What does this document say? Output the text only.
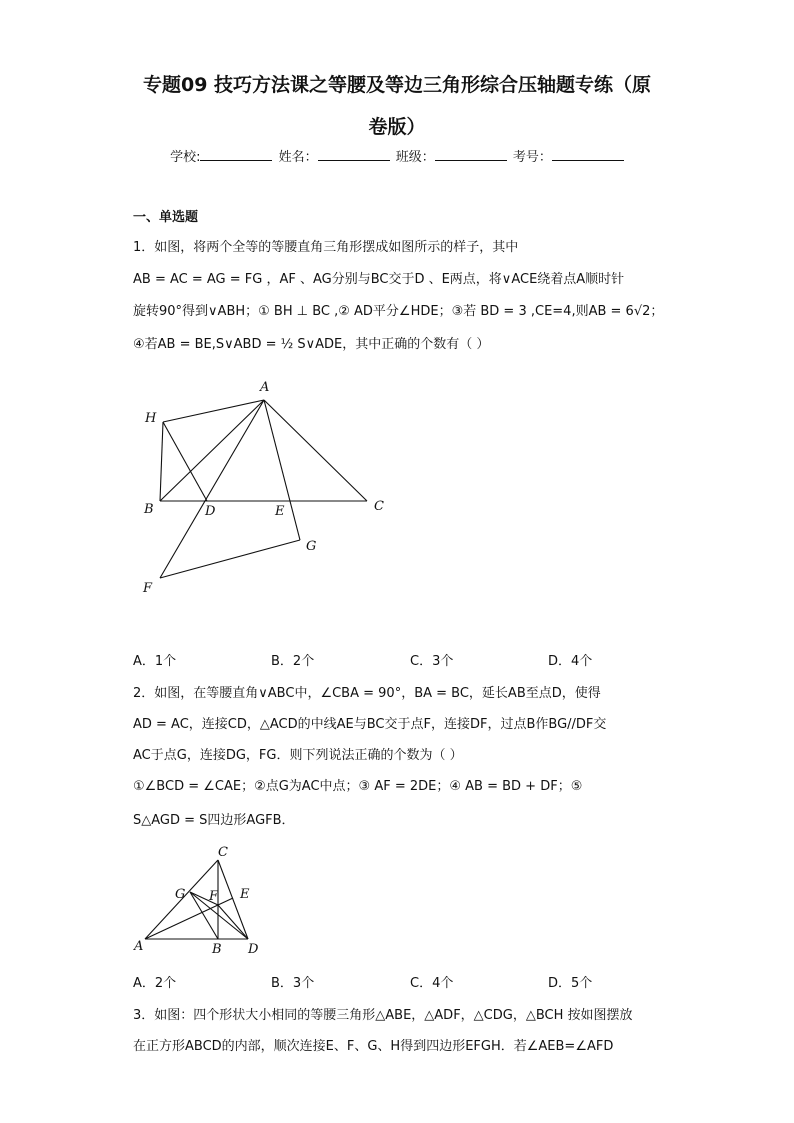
专题09 技巧方法课之等腰及等边三角形综合压轴题专练（原
卷版）
学校:	姓名：	班级：	考号：
一、单选题
1．如图，将两个全等的等腰直角三角形摆成如图所示的样子，其中
AB = AC = AG = FG ，AF 、AG分别与BC交于D 、E两点，将∨ACE绕着点A顺时针
旋转90°得到∨ABH；① BH ⊥ BC ,② AD平分∠HDE；③若 BD = 3 ,CE=4,则AB = 6√2；
④若AB = BE,S∨ABD = ½ S∨ADE，其中正确的个数有（ ）
A
H
B	D	E	C
G
F
A．1个	B．2个	C．3个	D．4个
2．如图，在等腰直角∨ABC中，∠CBA = 90°，BA = BC，延长AB至点D，使得
AD = AC，连接CD，△ACD的中线AE与BC交于点F，连接DF，过点B作BG//DF交
AC于点G，连接DG，FG．则下列说法正确的个数为（ ）
①∠BCD = ∠CAE；②点G为AC中点；③ AF = 2DE；④ AB = BD + DF；⑤
S△AGD = S四边形AGFB．
C
G F E
A	B D
A．2个	B．3个	C．4个	D．5个
3．如图：四个形状大小相同的等腰三角形△ABE，△ADF，△CDG，△BCH 按如图摆放
在正方形ABCD的内部，顺次连接E、F、G、H得到四边形EFGH．若∠AEB=∠AFD
